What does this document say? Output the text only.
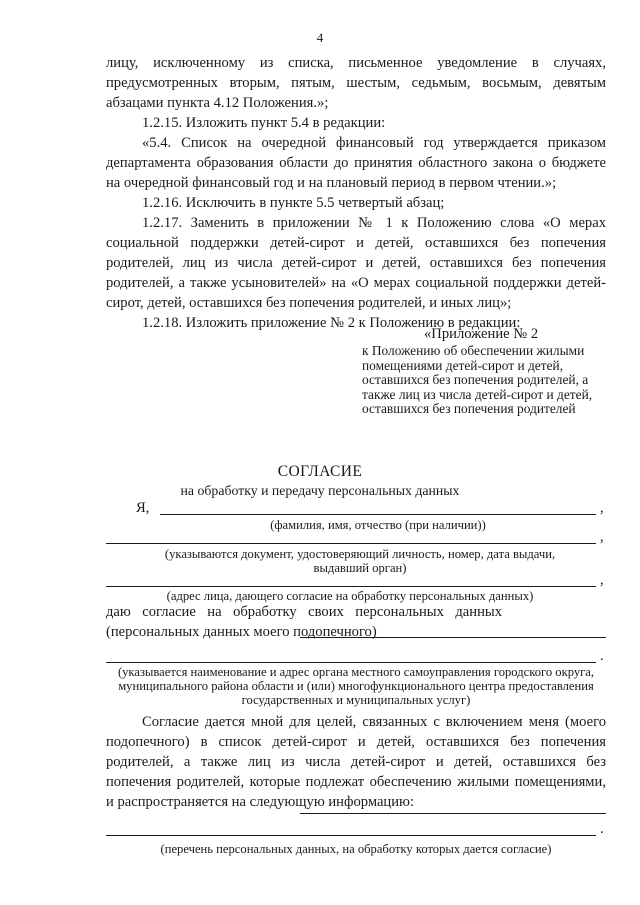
4

лицу, исключенному из списка, письменное уведомление в случаях, предусмотренных вторым, пятым, шестым, седьмым, восьмым, девятым абзацами пункта 4.12 Положения.»;

1.2.15. Изложить пункт 5.4 в редакции:

«5.4. Список на очередной финансовый год утверждается приказом департамента образования области до принятия областного закона о бюджете на очередной финансовый год и на плановый период в первом чтении.»;

1.2.16. Исключить в пункте 5.5 четвертый абзац;

1.2.17. Заменить в приложении № 1 к Положению слова «О мерах социальной поддержки детей-сирот и детей, оставшихся без попечения родителей, лиц из числа детей-сирот и детей, оставшихся без попечения родителей, а также усыновителей» на «О мерах социальной поддержки детей-сирот, детей, оставшихся без попечения родителей, и иных лиц»;

1.2.18. Изложить приложение № 2 к Положению в редакции:

«Приложение № 2
к Положению об обеспечении жилыми помещениями детей-сирот и детей, оставшихся без попечения родителей, а также лиц из числа детей-сирот и детей, оставшихся без попечения родителей
СОГЛАСИЕ
на обработку и передачу персональных данных
Я,	,
(фамилия, имя, отчество (при наличии))
,
(указываются документ, удостоверяющий личность, номер, дата выдачи, выдавший орган)
,
(адрес лица, дающего согласие на обработку персональных данных)
даю согласие на обработку своих персональных данных (персональных данных моего подопечного)
.
(указывается наименование и адрес органа местного самоуправления городского округа, муниципального района области и (или) многофункционального центра предоставления государственных и муниципальных услуг)
Согласие дается мной для целей, связанных с включением меня (моего подопечного) в список детей-сирот и детей, оставшихся без попечения родителей, а также лиц из числа детей-сирот и детей, оставшихся без попечения родителей, которые подлежат обеспечению жилыми помещениями, и распространяется на следующую информацию:
.
(перечень персональных данных, на обработку которых дается согласие)
